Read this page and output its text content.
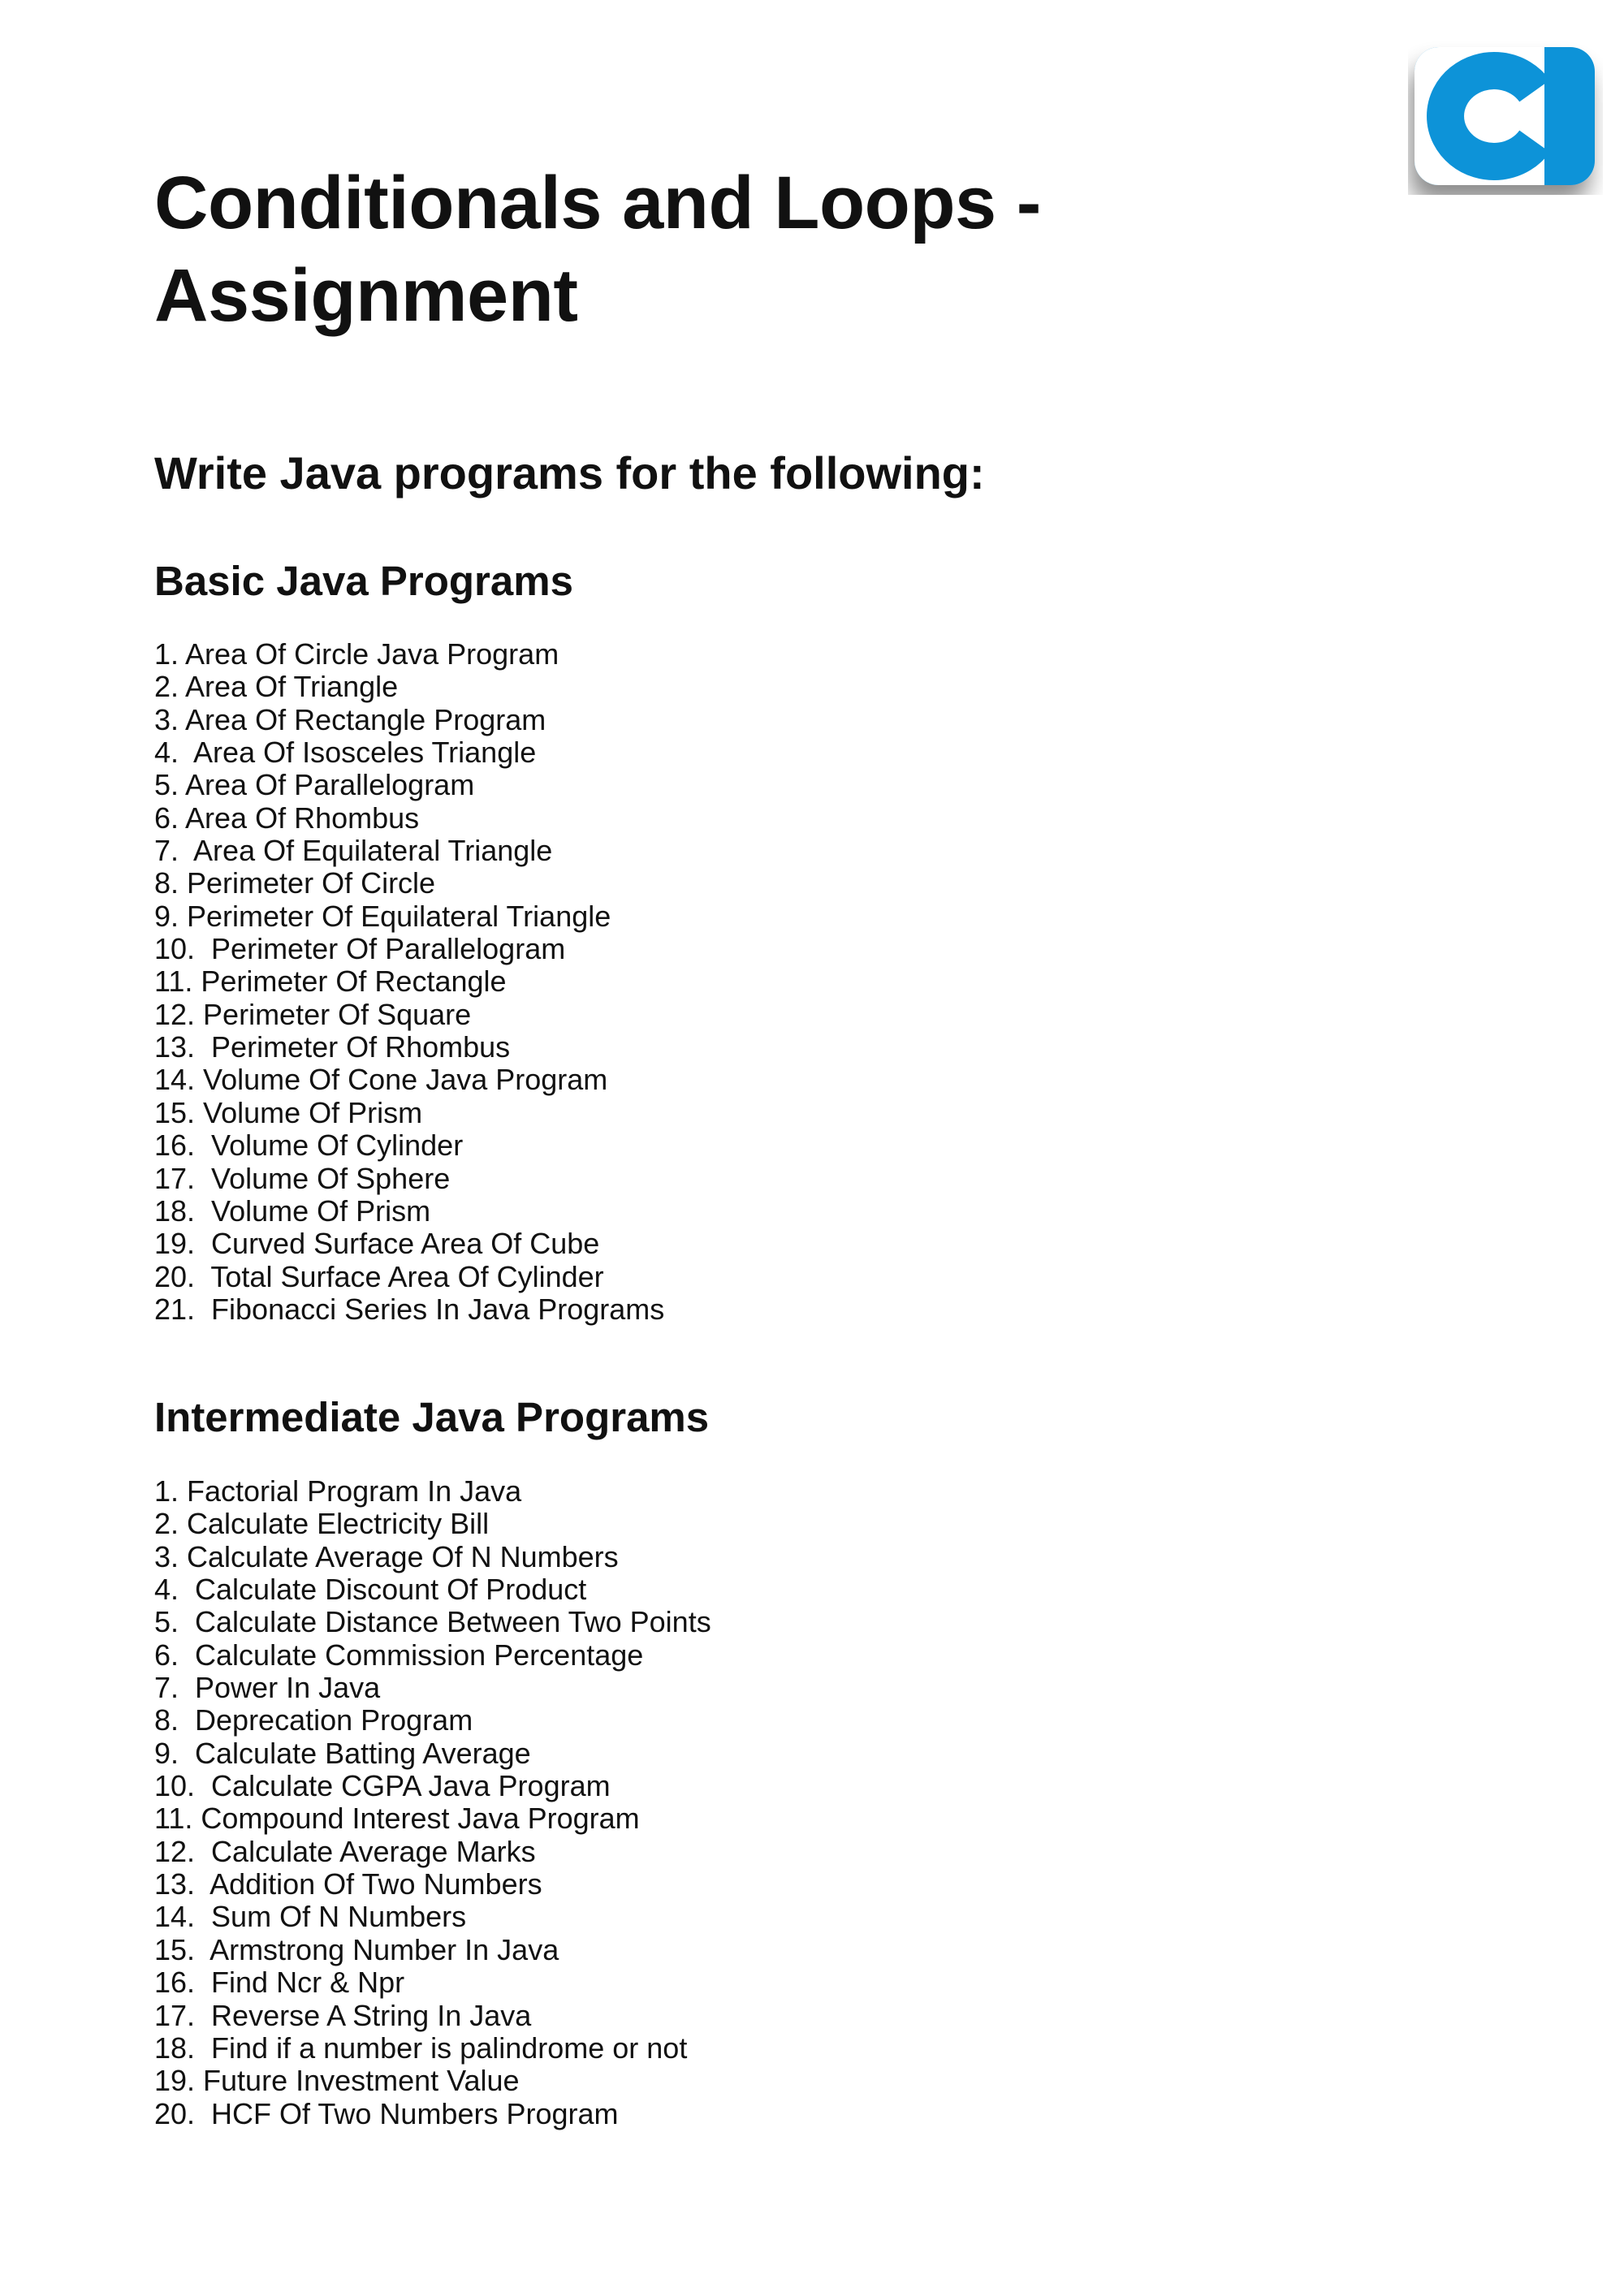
Conditionals and Loops -
Assignment
Write Java programs for the following:
Basic Java Programs
1. Area Of Circle Java Program
2. Area Of Triangle
3. Area Of Rectangle Program
4.  Area Of Isosceles Triangle
5. Area Of Parallelogram
6. Area Of Rhombus
7.  Area Of Equilateral Triangle
8. Perimeter Of Circle
9. Perimeter Of Equilateral Triangle
10.  Perimeter Of Parallelogram
11. Perimeter Of Rectangle
12. Perimeter Of Square
13.  Perimeter Of Rhombus
14. Volume Of Cone Java Program
15. Volume Of Prism
16.  Volume Of Cylinder
17.  Volume Of Sphere
18.  Volume Of Prism
19.  Curved Surface Area Of Cube
20.  Total Surface Area Of Cylinder
21.  Fibonacci Series In Java Programs
Intermediate Java Programs
1. Factorial Program In Java
2. Calculate Electricity Bill
3. Calculate Average Of N Numbers
4.  Calculate Discount Of Product
5.  Calculate Distance Between Two Points
6.  Calculate Commission Percentage
7.  Power In Java
8.  Deprecation Program
9.  Calculate Batting Average
10.  Calculate CGPA Java Program
11. Compound Interest Java Program
12.  Calculate Average Marks
13.  Addition Of Two Numbers
14.  Sum Of N Numbers
15.  Armstrong Number In Java
16.  Find Ncr & Npr
17.  Reverse A String In Java
18.  Find if a number is palindrome or not
19. Future Investment Value
20.  HCF Of Two Numbers Program
